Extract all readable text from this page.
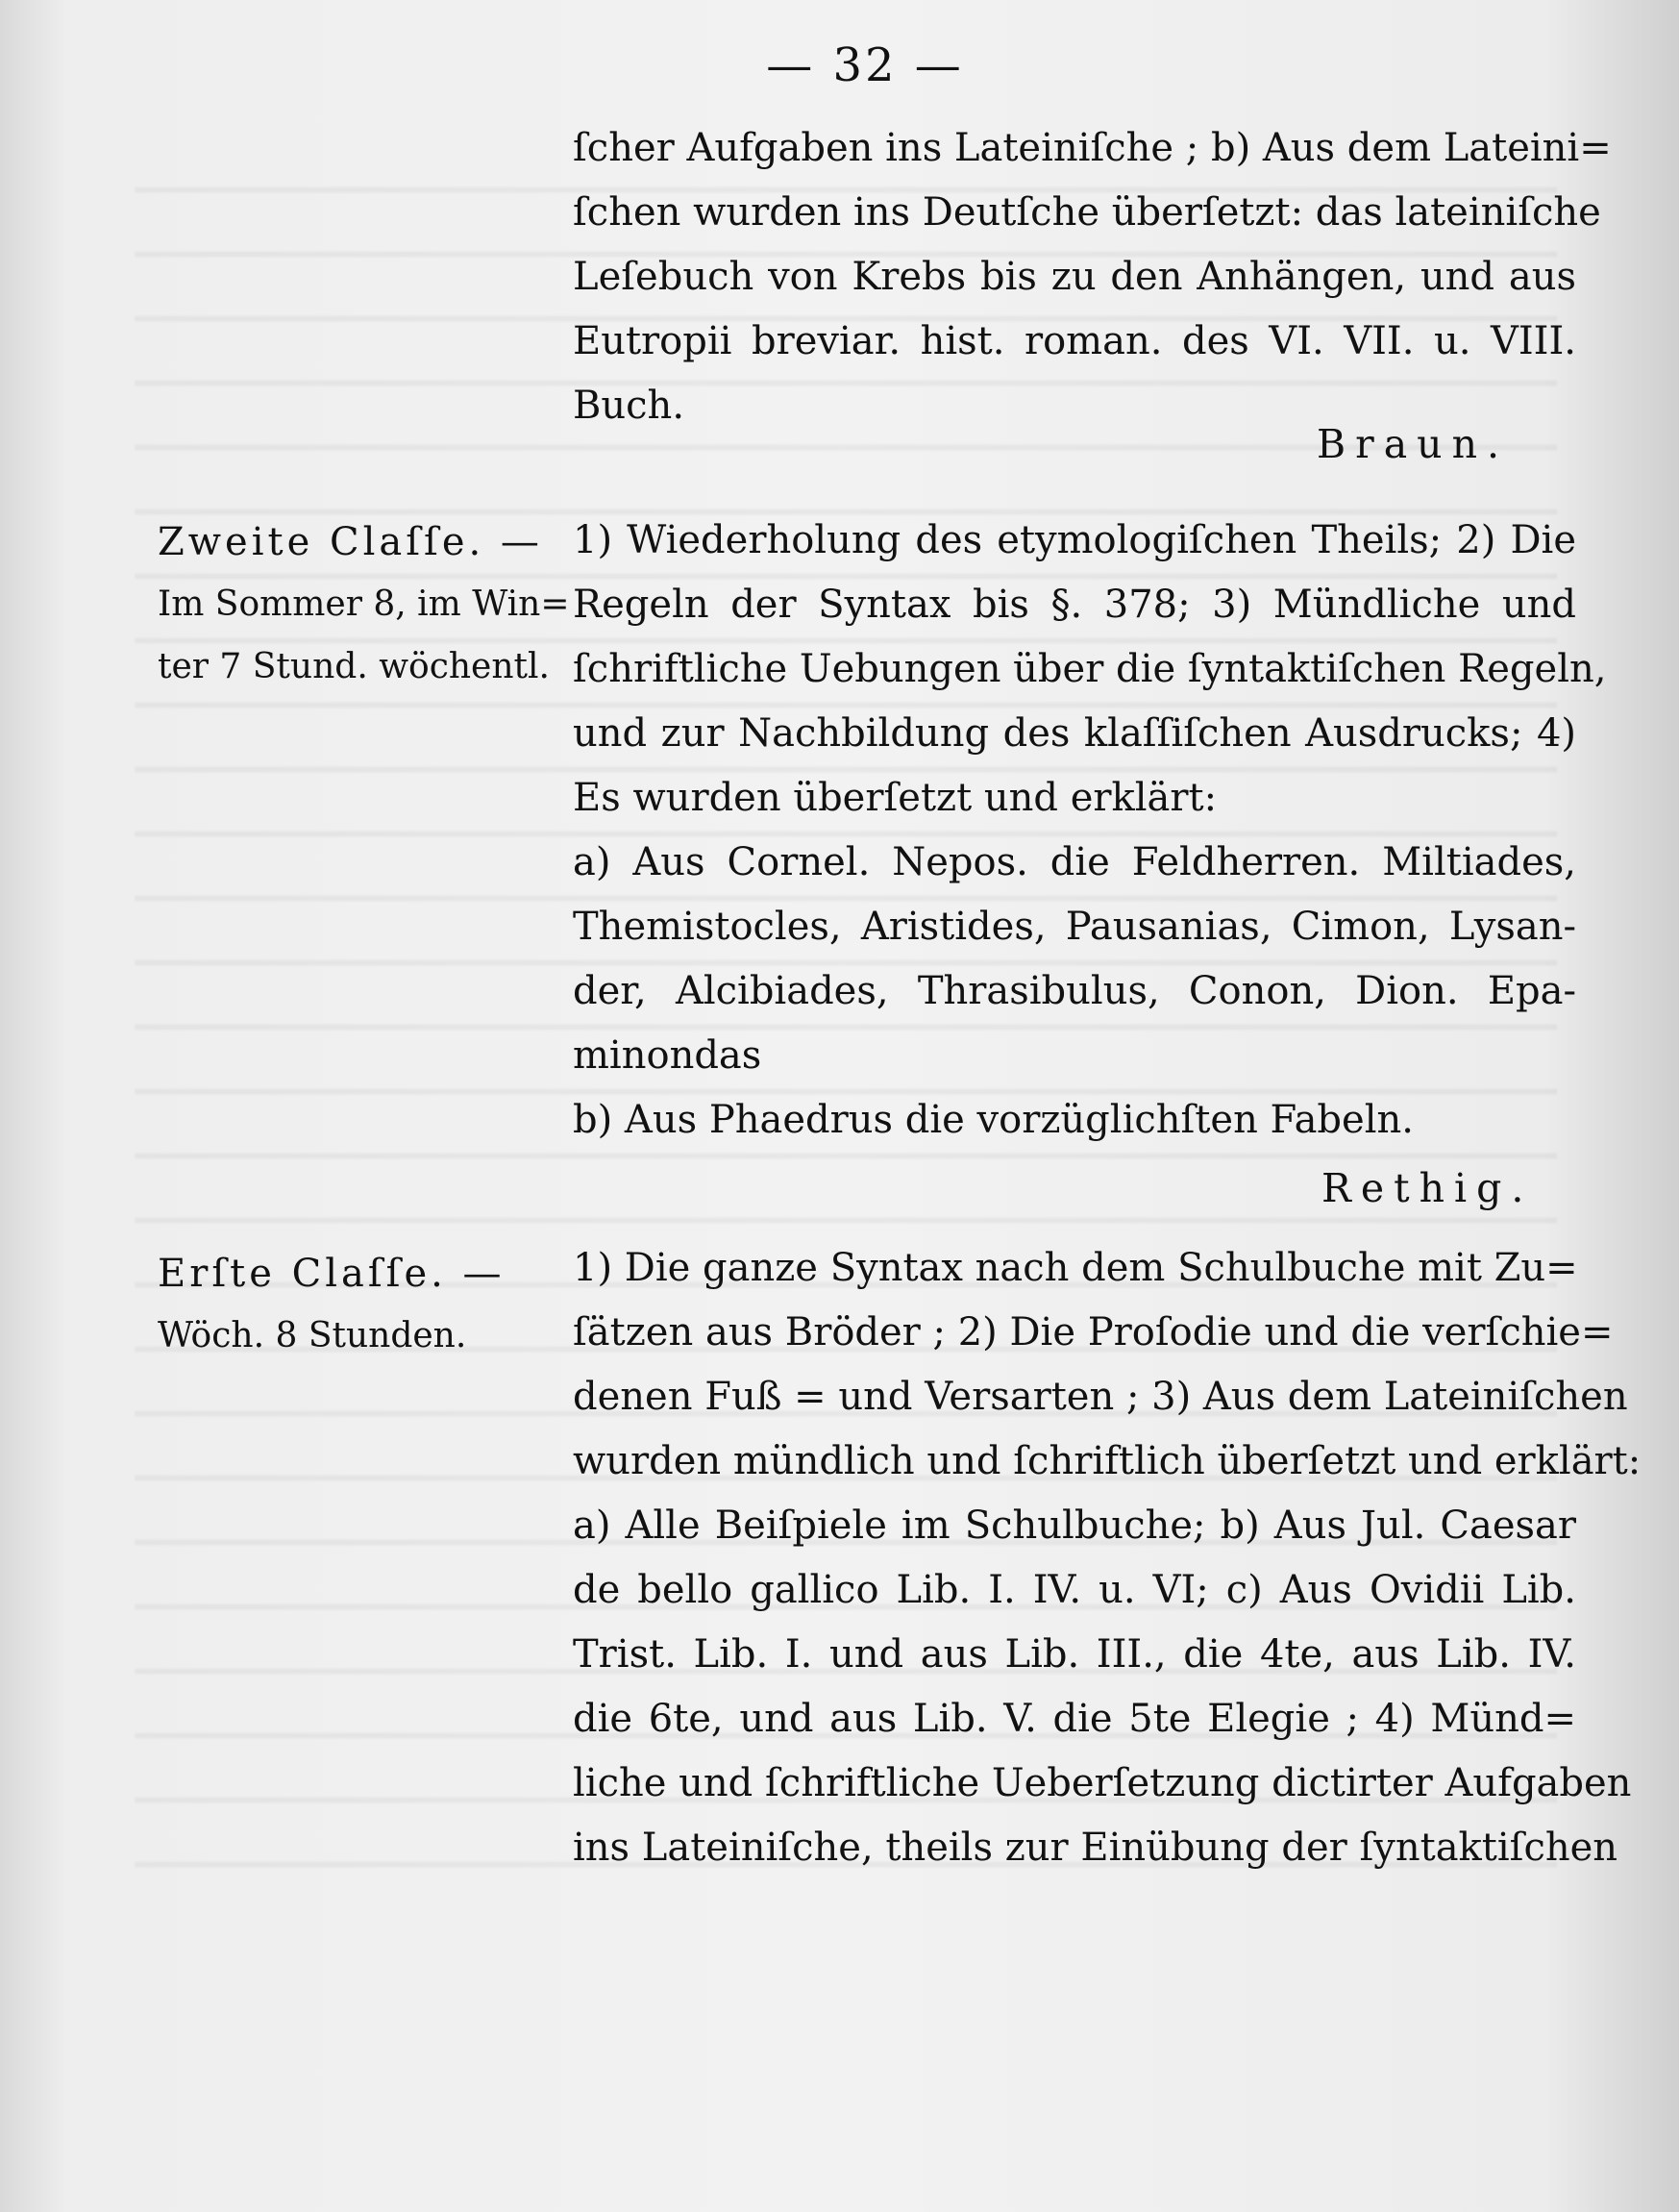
— 32 —
ſcher Aufgaben ins Lateiniſche ; b) Aus dem Lateini=
ſchen wurden ins Deutſche überſetzt: das lateiniſche
Leſebuch von Krebs bis zu den Anhängen, und aus
Eutropii breviar. hist. roman. des VI. VII. u. VIII.
Buch.
Braun.
Zweite Claſſe. —
Im Sommer 8, im Win=
ter 7 Stund. wöchentl.
1) Wiederholung des etymologiſchen Theils; 2) Die
Regeln der Syntax bis §. 378; 3) Mündliche und
ſchriftliche Uebungen über die ſyntaktiſchen Regeln,
und zur Nachbildung des klaſſiſchen Ausdrucks; 4)
Es wurden überſetzt und erklärt:
a) Aus Cornel. Nepos. die Feldherren. Miltiades,
Themistocles, Aristides, Pausanias, Cimon, Lysan-
der, Alcibiades, Thrasibulus, Conon, Dion. Epa-
minondas
b) Aus Phaedrus die vorzüglichſten Fabeln.
Rethig.
Erſte Claſſe. —
Wöch. 8 Stunden.
1) Die ganze Syntax nach dem Schulbuche mit Zu=
ſätzen aus Bröder ; 2) Die Proſodie und die verſchie=
denen Fuß = und Versarten ; 3) Aus dem Lateiniſchen
wurden mündlich und ſchriftlich überſetzt und erklärt:
a) Alle Beiſpiele im Schulbuche; b) Aus Jul. Caesar
de bello gallico Lib. I. IV. u. VI; c) Aus Ovidii Lib.
Trist. Lib. I. und aus Lib. III., die 4te, aus Lib. IV.
die 6te, und aus Lib. V. die 5te Elegie ; 4) Münd=
liche und ſchriftliche Ueberſetzung dictirter Aufgaben
ins Lateiniſche, theils zur Einübung der ſyntaktiſchen
